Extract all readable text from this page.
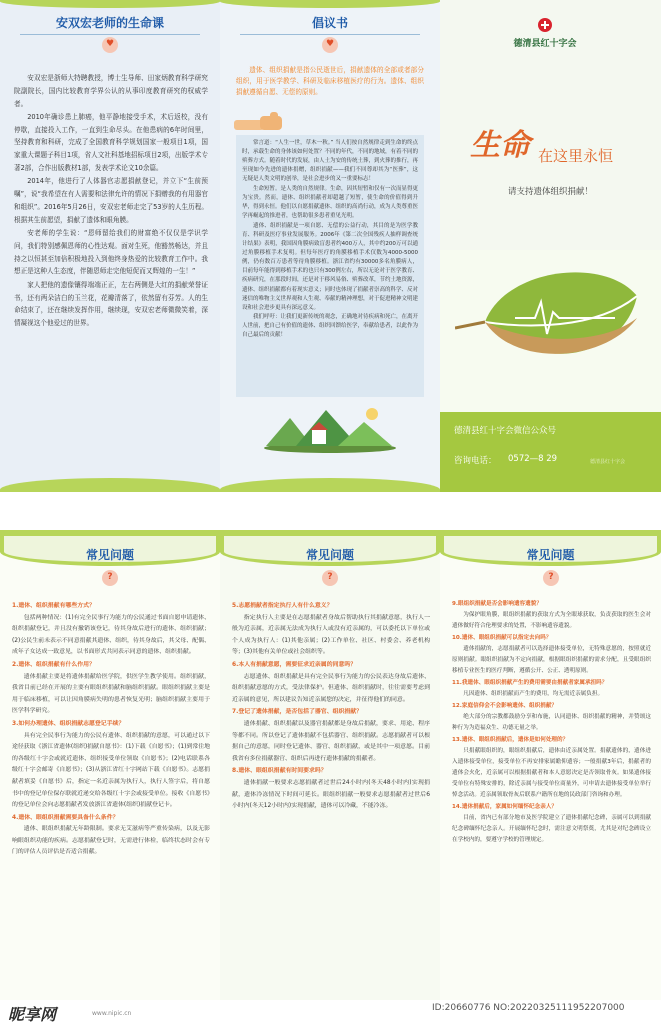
安双宏老师的生命课
♥

安双宏是浙师大特聘教授，博士生导师、田家炳教育科学研究院副院长，国内比较教育学界公认的从事印度教育研究的权威学者。

2010年确诊患上肺癌，他平静地接受手术，术后返校，没有停歇，直接投入工作，一直到生命尽头。在他患病的6年时间里，坚持教育和科研，完成了全国教育科学规划国家一般项目1项，国家重大课题子科目1项，省人文社科基地招标项目2项，出版学术专著2部，合作出版教材1部，发表学术论文10余篇。

2014年，他进行了人体器官志愿捐献登记，并立下“生前预嘱”，说“我希望在有人需要和法律允许的情况下捐赠我的有用器官和组织”。2016年5月26日，安双宏老师走完了53岁的人生历程。根据其生前愿望，捐献了遗体和眼角膜。

安老师的学生说：“恩师留给我们的财富绝不仅仅是学识学问，我们特别感佩恩师的心性达观。面对生死，他豁然畅达，并且持之以恒甚至加倍积极地投入到他终身热爱的比较教育工作中。我想正是这种人生态度，伴随恩师走完他短促而又辉煌的一生！”

家人把他的遗像镶得端端正正，左右两侧是大红的捐献荣誉证书，还有两朵洁白的玉兰花，花瓣清落了，依然留有芬芳。人的生命结束了，还在继续发挥作用，继续现，安双宏老师微微笑着，深情凝视这个他爱过的世界。

倡议书
♥
遗体、组织捐献是指公民逝世后，捐献遗体的全部或者部分组织，用于医学教学、科研及临床移植医疗的行为。遗体、组织捐献遵循自愿、无偿的原则。

常言道：“人生一世，草木一秋。” 当人们按自然规律走到生命的终点时，承载生命的身体该如何处置？不同的年代，不同的地域，有着不同的殡葬方式。随着时代的发展，由人土为安的传统土葬，到火葬的推行，再至现如今先进的遗体捐赠，组织捐献——我们不回尊却其为“医葬”，这无疑是人类文明的创举，是社会进步的又一重要标志！

生命短暂。是人类的自然规律。生命，因其短暂和仅有一次而显得更为宝贵。然而，遗体、组织捐献者却超越了短暂，使生命的价值得到升华，得到永恒。他们以自愿捐献遗体、组织的高尚行动，成为人类尊重医学再崛起的推进者，也帮助很多患者重见光明。

遗体、组织捐献是一项自愿、无偿的公益行动，其目的是为医学教育、科研及医疗事业发展服务。2006年《第二次全国残疾人抽样调查统计结果》表明，我国因角膜病致盲患者约400万人，其中约200万可以通过角膜移植手术复明。但每年医疗的角膜移植手术仅数为4000-5000例，仍有数百万患者等待角膜移植。浙江省约有30000多名角膜病人，目前每年能得到移植手术的也只有300例左右，所以无论对于医学教育、疾病研究，在那段时间，还是对于移风易俗、殡葬改革，节约土地资源，遗体、组织捐献都有着现实意义；同时也体现了捐献者崇高的科学、反对迷信的唯物主义世界观和人生观、奉献的精神理想，对于促进精神文明建设和社会进步更具有深远意义。

我们呼吁：让我们更新传统的观念，正确地对待疾病和死亡，在离开人世前，把自己有价值的遗体、组织回馈给医学，奉献给患者，以此作为自己最后的贡献！

德清县红十字会
生命 在这里永恒
请支持遗体组织捐献！
德清县红十字会微信公众号
咨询电话： 0572—8 29	德清县红十字会
常见问题
?
1.遗体、组织捐献有哪些方式？
包括两种情况：(1)有完全民事行为能力的公民通过书面自愿申请遗体、组织捐献登记，并且没有撤销该登记，待其身故后进行的遗体、组织捐献；(2)公民生前未表示不同意捐献其遗体、组织，待其身故后，其父母、配偶、成年子女达成一致意见，以书面形式共同表示同意的遗体、组织捐献。
2.遗体、组织捐献有什么作用？
遗体捐献主要是将遗体捐献给医学院，供医学生教学使用。组织捐献，我省目前已经在开展的主要有眼组织捐献和脑组织捐献。眼组织捐献主要是用于临床移植，可以让因角膜病失明的患者恢复光明；脑组织捐献主要用于医学科学研究。
3.如何办理遗体、组织捐献志愿登记手续？
具有完全民事行为能力的公民有遗体、组织捐献的意愿，可以通过以下途径获取《浙江省遗体(组织)捐献自愿书》：(1)下载《自愿书》；(1)到常住地的各级红十字会或就近遗体、组织接受单位领取《自愿书》；(2)电话联系各级红十字会邮寄《自愿书》；(3)从浙江省红十字网站下载《自愿书》。志愿捐献者填妥《自愿书》后，指定一名近亲属为执行人，执行人签字后，将自愿书中的登记单位保存联就近递交给各级红十字会或接受单位。接收《自愿书》的登记单位会向志愿捐献者发放浙江省遗体(组织)捐献登记卡。
4.遗体、眼组织捐献需要具备什么条件？
遗体、眼组织捐献无年龄限制。要求无艾滋病等严重传染病，以及无影响眼组织功能的疾病。志愿捐献登记时，无需进行体检，临终状态时会有专门的评估人员评估是否适合捐献。
常见问题
?
5.志愿捐献者指定执行人有什么意义？
指定执行人主要是在志愿捐献者身故后帮助执行其捐献意愿，执行人一般为近亲属，近亲属无法成为执行人或没有近亲属的，可以委托以下单位或个人成为执行人：(1)其他亲属；(2)工作单位、社区、村委会、养老机构等；(3)其他有关单位或社会组织等。
6.本人有捐献意愿，需要征求近亲属的同意吗？
志愿遗体、组织捐献是具有完全民事行为能力的公民表达身故后遗体、组织捐献意愿的方式，受法律保护。但遗体、组织捐献时，往往需要考虑到近亲属的意见，所以建议告知近亲属您的决定，并征得他们的同意。
7.登记了遗体捐献，是否包括了器官、组织捐献？
遗体捐献、组织捐献以及器官捐献都是身故后捐献，要求、用途、程序等都不同。所以登记了遗体捐献不包括器官、组织捐献。志愿捐献者可以根据自己的意愿，同时登记遗体、器官、组织捐献，或是其中一项意愿。目前我省有多位捐献器官、组织后再进行遗体捐献的捐献者。
8.遗体、眼组织捐献有时间要求吗？
遗体捐献一般要求志愿捐献者过世后24小时内(冬天48小时内)实现捐献，遗体冷冻情况下时间可延长。眼组织捐献一般要求志愿捐献者过世后6小时内(冬天12小时内)实现捐献，遗体可以冷藏，不能冷冻。
常见问题
?
9.眼组织捐献是否会影响遗容遗貌？
为保护眼角膜，眼组织捐献的获取方式为全眼球获取，负责获取的医生会对遗体做好符合伦理要求的处置，不影响遗容遗貌。
10.遗体、眼组织捐献可以指定去向吗？
遗体捐献的，志愿捐献者可以选择遗体接受单位，无特殊意愿的，按照就近原则捐献。眼组织捐献为不定向捐献，根据眼组织捐献的需求分配，且受眼组织移植专业医生的医疗判断，遵循公开、公正、透明原则。
11.我遗体、眼组织捐献产生的费用需要由捐献者家属承担吗？
凡因遗体、组织捐献而产生的费用，均无需近亲属负担。
12.家庭信仰会不会影响遗体、组织捐献？
绝大部分的宗教都鼓励分享和布施，认同遗体、组织捐献的精神，并赞颂这种行为为造福众生、功德无量之举。
13.遗体、眼组织捐献后，遗体是如何处理的？
只捐献眼组织的，眼组织捐献后，遗体由近亲属处置。捐献遗体的，遗体进入遗体接受单位，接受单位不再安排家属瞻仰遗容；一般捐献3年后，捐献者的遗体会火化，近亲属可以根据捐献者和本人意愿决定是否领取骨灰。如果遗体接受单位有特殊安排的，除近亲属与接受单位商量外，可申请去遗体接受单位举行悼念活动。近亲属领取骨灰后联系户籍所在地的民政部门咨询和办理。
14.遗体捐献后，家属如何缅怀纪念亲人？
目前，省内已有部分地市及医学院建立了遗体捐献纪念碑，亲属可以到捐献纪念碑缅怀纪念亲人。开展缅怀纪念时，需注意文明祭奠，尤其是对纪念碑设立在学校内的，要遵守学校的管理规定。
昵享网	www.nipic.cn
ID:20660776 NO:20220325111952207000
